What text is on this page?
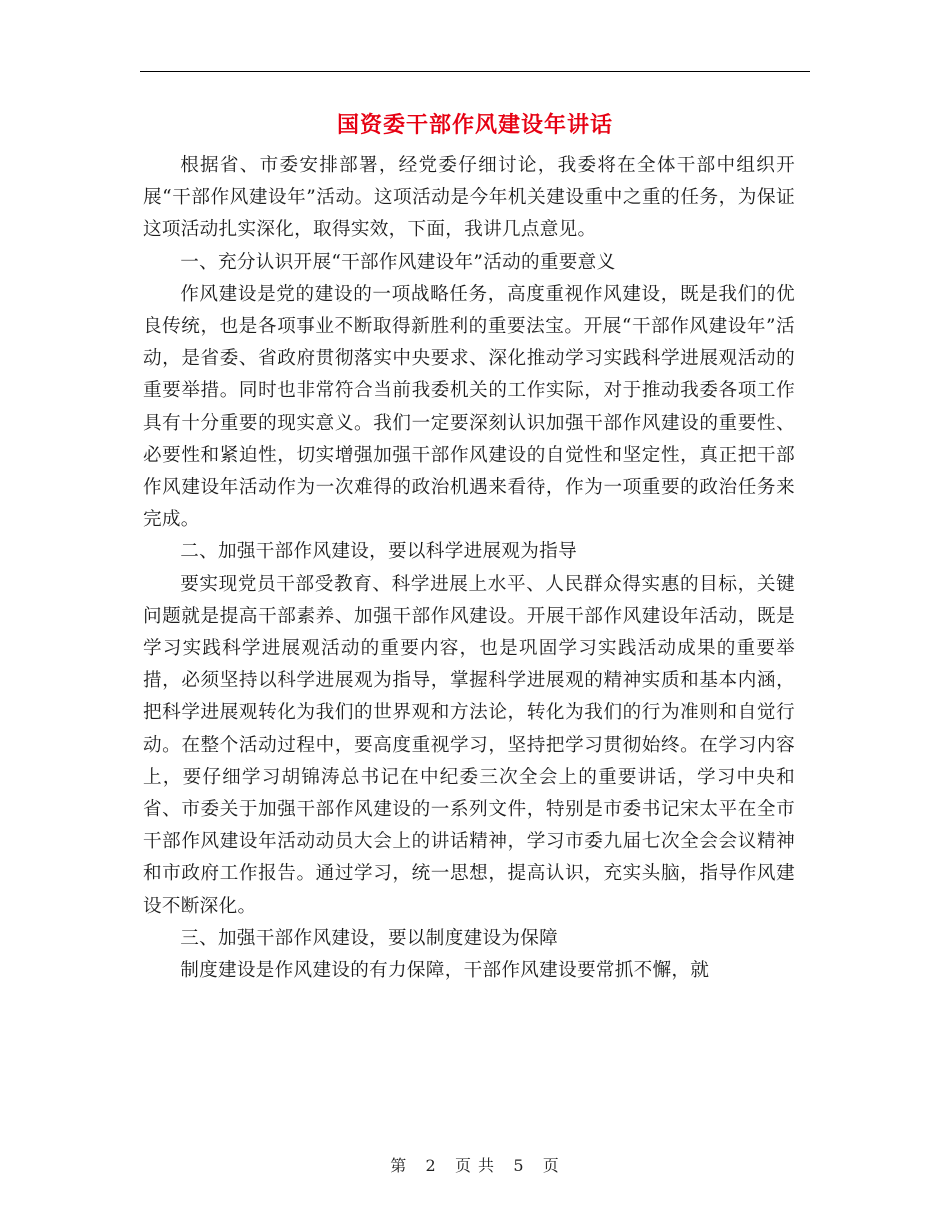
国资委干部作风建设年讲话

根据省、市委安排部署，经党委仔细讨论，我委将在全体干部中组织开展“干部作风建设年”活动。这项活动是今年机关建设重中之重的任务，为保证这项活动扎实深化，取得实效，下面，我讲几点意见。

一、充分认识开展“干部作风建设年”活动的重要意义

作风建设是党的建设的一项战略任务，高度重视作风建设，既是我们的优良传统，也是各项事业不断取得新胜利的重要法宝。开展“干部作风建设年”活动，是省委、省政府贯彻落实中央要求、深化推动学习实践科学进展观活动的重要举措。同时也非常符合当前我委机关的工作实际，对于推动我委各项工作具有十分重要的现实意义。我们一定要深刻认识加强干部作风建设的重要性、必要性和紧迫性，切实增强加强干部作风建设的自觉性和坚定性，真正把干部作风建设年活动作为一次难得的政治机遇来看待，作为一项重要的政治任务来完成。

二、加强干部作风建设，要以科学进展观为指导

要实现党员干部受教育、科学进展上水平、人民群众得实惠的目标，关键问题就是提高干部素养、加强干部作风建设。开展干部作风建设年活动，既是学习实践科学进展观活动的重要内容，也是巩固学习实践活动成果的重要举措，必须坚持以科学进展观为指导，掌握科学进展观的精神实质和基本内涵，把科学进展观转化为我们的世界观和方法论，转化为我们的行为准则和自觉行动。在整个活动过程中，要高度重视学习，坚持把学习贯彻始终。在学习内容上，要仔细学习胡锦涛总书记在中纪委三次全会上的重要讲话，学习中央和省、市委关于加强干部作风建设的一系列文件，特别是市委书记宋太平在全市干部作风建设年活动动员大会上的讲话精神，学习市委九届七次全会会议精神和市政府工作报告。通过学习，统一思想，提高认识，充实头脑，指导作风建设不断深化。

三、加强干部作风建设，要以制度建设为保障

制度建设是作风建设的有力保障，干部作风建设要常抓不懈，就

第 2 页 共 5 页
